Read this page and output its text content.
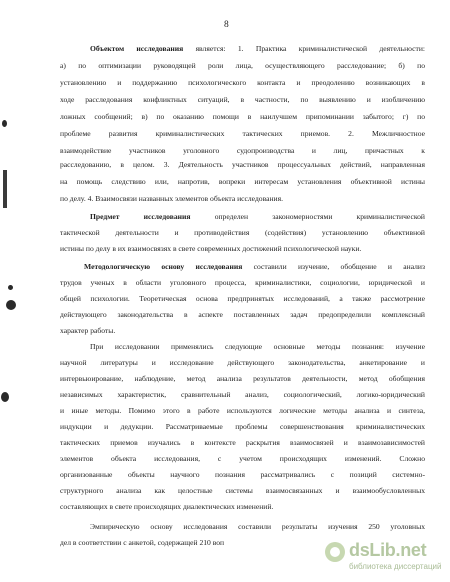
8
Объектом исследования является: 1. Практика криминалистической деятельности:
а) по оптимизации руководящей роли лица, осуществляющего расследование; б) по
установлению и поддержанию психологического контакта и преодолению возникающих в
ходе расследования конфликтных ситуаций, в частности, по выявлению и изобличению
ложных сообщений; в) по оказанию помощи в наилучшем припоминании забытого; г) по
проблеме развития криминалистических тактических приемов. 2. Межличностное
взаимодействие участников уголовного судопроизводства и лиц, причастных к
расследованию, в целом. 3. Деятельность участников процессуальных действий, направленная
на помощь следствию или, напротив, вопреки интересам установления объективной истины
по делу. 4. Взаимосвязи названных элементов объекта исследования.
Предмет исследования определен закономерностями криминалистической
тактической деятельности и противодействия (содействия) установлению объективной
истины по делу в их взаимосвязях в свете современных достижений психологической науки.
Методологическую основу исследования составили изучение, обобщение и анализ
трудов ученых в области уголовного процесса, криминалистики, социологии, юридической и
общей психологии. Теоретическая основа предпринятых исследований, а также рассмотрение
действующего законодательства в аспекте поставленных задач предопределили комплексный
характер работы.
При исследовании применялись следующие основные методы познания: изучение
научной литературы и исследование действующего законодательства, анкетирование и
интервьюирование, наблюдение, метод анализа результатов деятельности, метод обобщения
независимых характеристик, сравнительный анализ, социологический, логико-юридический
и иные методы. Помимо этого в работе используются логические методы анализа и синтеза,
индукции и дедукции. Рассматриваемые проблемы совершенствования криминалистических
тактических приемов изучались в контексте раскрытия взаимосвязей и взаимозависимостей
элементов объекта исследования, с учетом происходящих изменений. Сложно
организованные объекты научного познания рассматривались с позиций системно-
структурного анализа как целостные системы взаимосвязанных и взаимообусловленных
составляющих в свете происходящих диалектических изменений.
Эмпирическую основу исследования составили результаты изучения 250 уголовных
дел в соответствии с анкетой, содержащей 210 воп	dsLib.net
библиотека диссертаций
